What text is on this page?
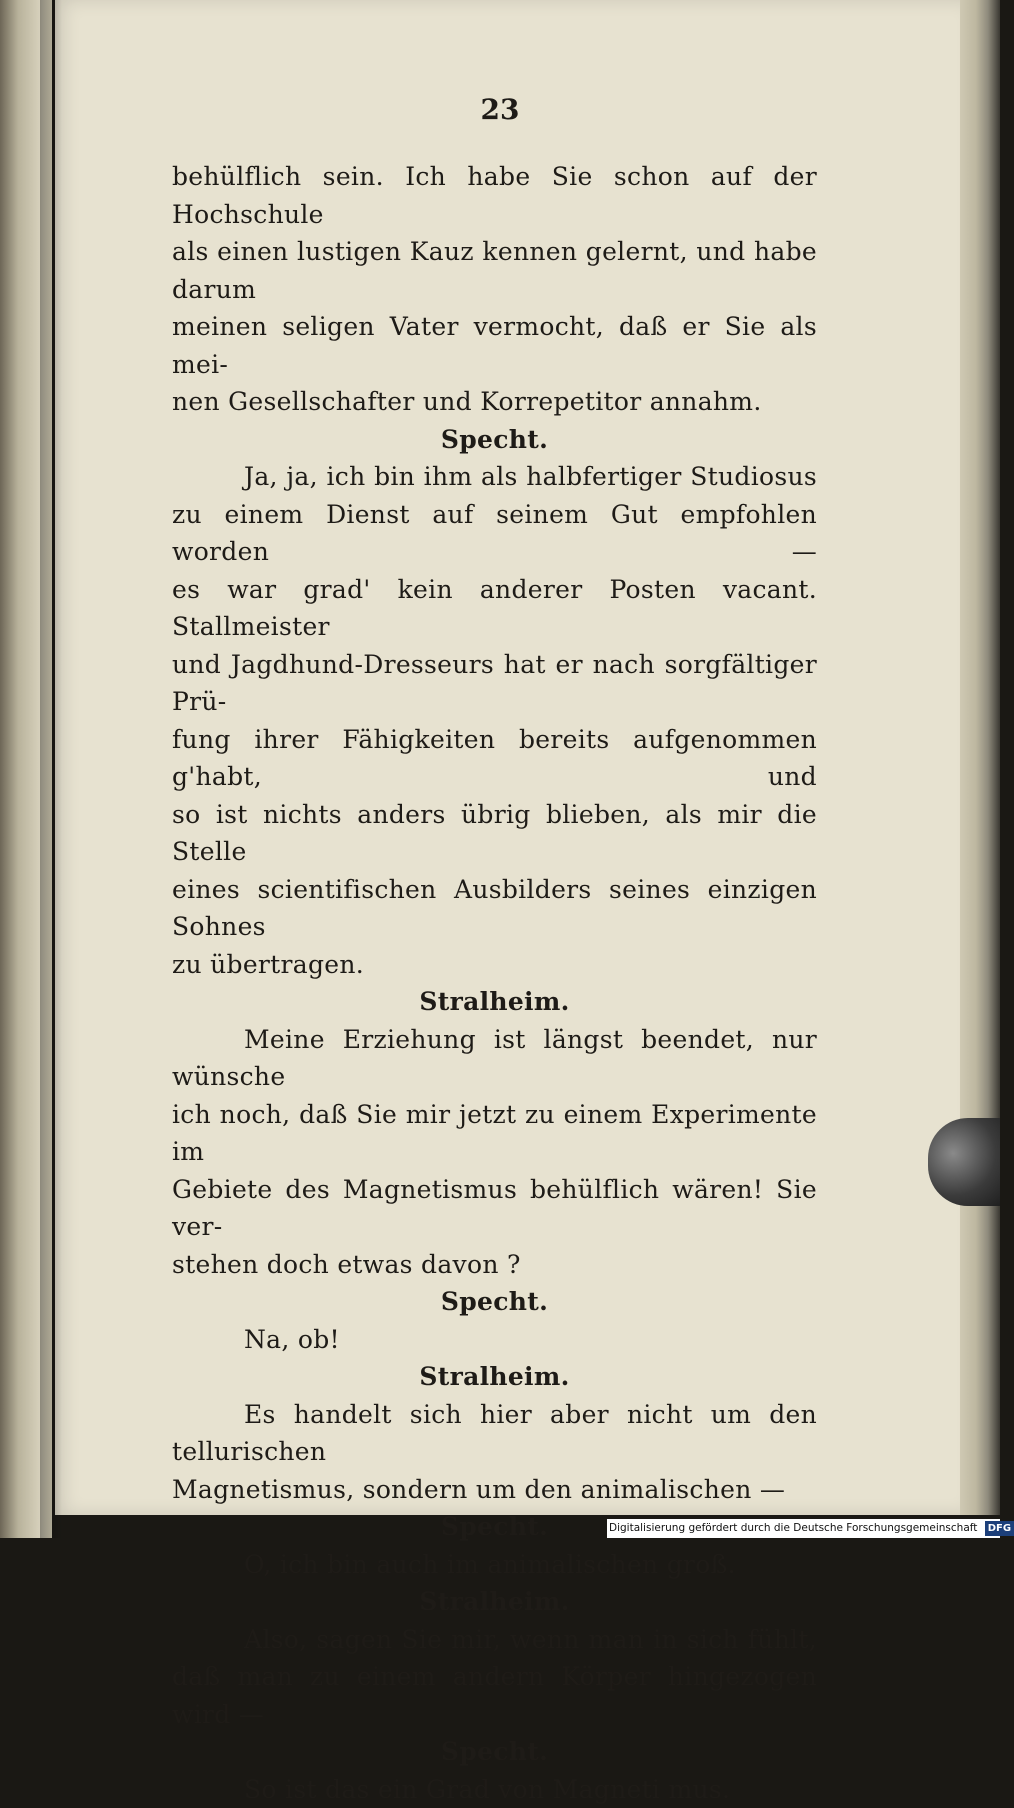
23

behülflich sein. Ich habe Sie schon auf der Hochschule

als einen lustigen Kauz kennen gelernt, und habe darum

meinen seligen Vater vermocht, daß er Sie als mei-

nen Gesellschafter und Korrepetitor annahm.

Specht.

Ja, ja, ich bin ihm als halbfertiger Studiosus

zu einem Dienst auf seinem Gut empfohlen worden —

es war grad' kein anderer Posten vacant. Stallmeister

und Jagdhund-Dresseurs hat er nach sorgfältiger Prü-

fung ihrer Fähigkeiten bereits aufgenommen g'habt, und

so ist nichts anders übrig blieben, als mir die Stelle

eines scientifischen Ausbilders seines einzigen Sohnes

zu übertragen.

Stralheim.

Meine Erziehung ist längst beendet, nur wünsche

ich noch, daß Sie mir jetzt zu einem Experimente im

Gebiete des Magnetismus behülflich wären! Sie ver-

stehen doch etwas davon ?

Specht.

Na, ob!

Stralheim.

Es handelt sich hier aber nicht um den tellurischen

Magnetismus, sondern um den animalischen —

Specht.

O, ich bin auch im animalischen groß.

Stralheim.

Also, sagen Sie mir, wenn man in sich fühlt,

daß man zu einem andern Körper hingezogen wird —

Specht.

So ist das ein Grad von Magneti mus.

Digitalisierung gefördert durch die Deutsche Forschungsgemeinschaft DFG
